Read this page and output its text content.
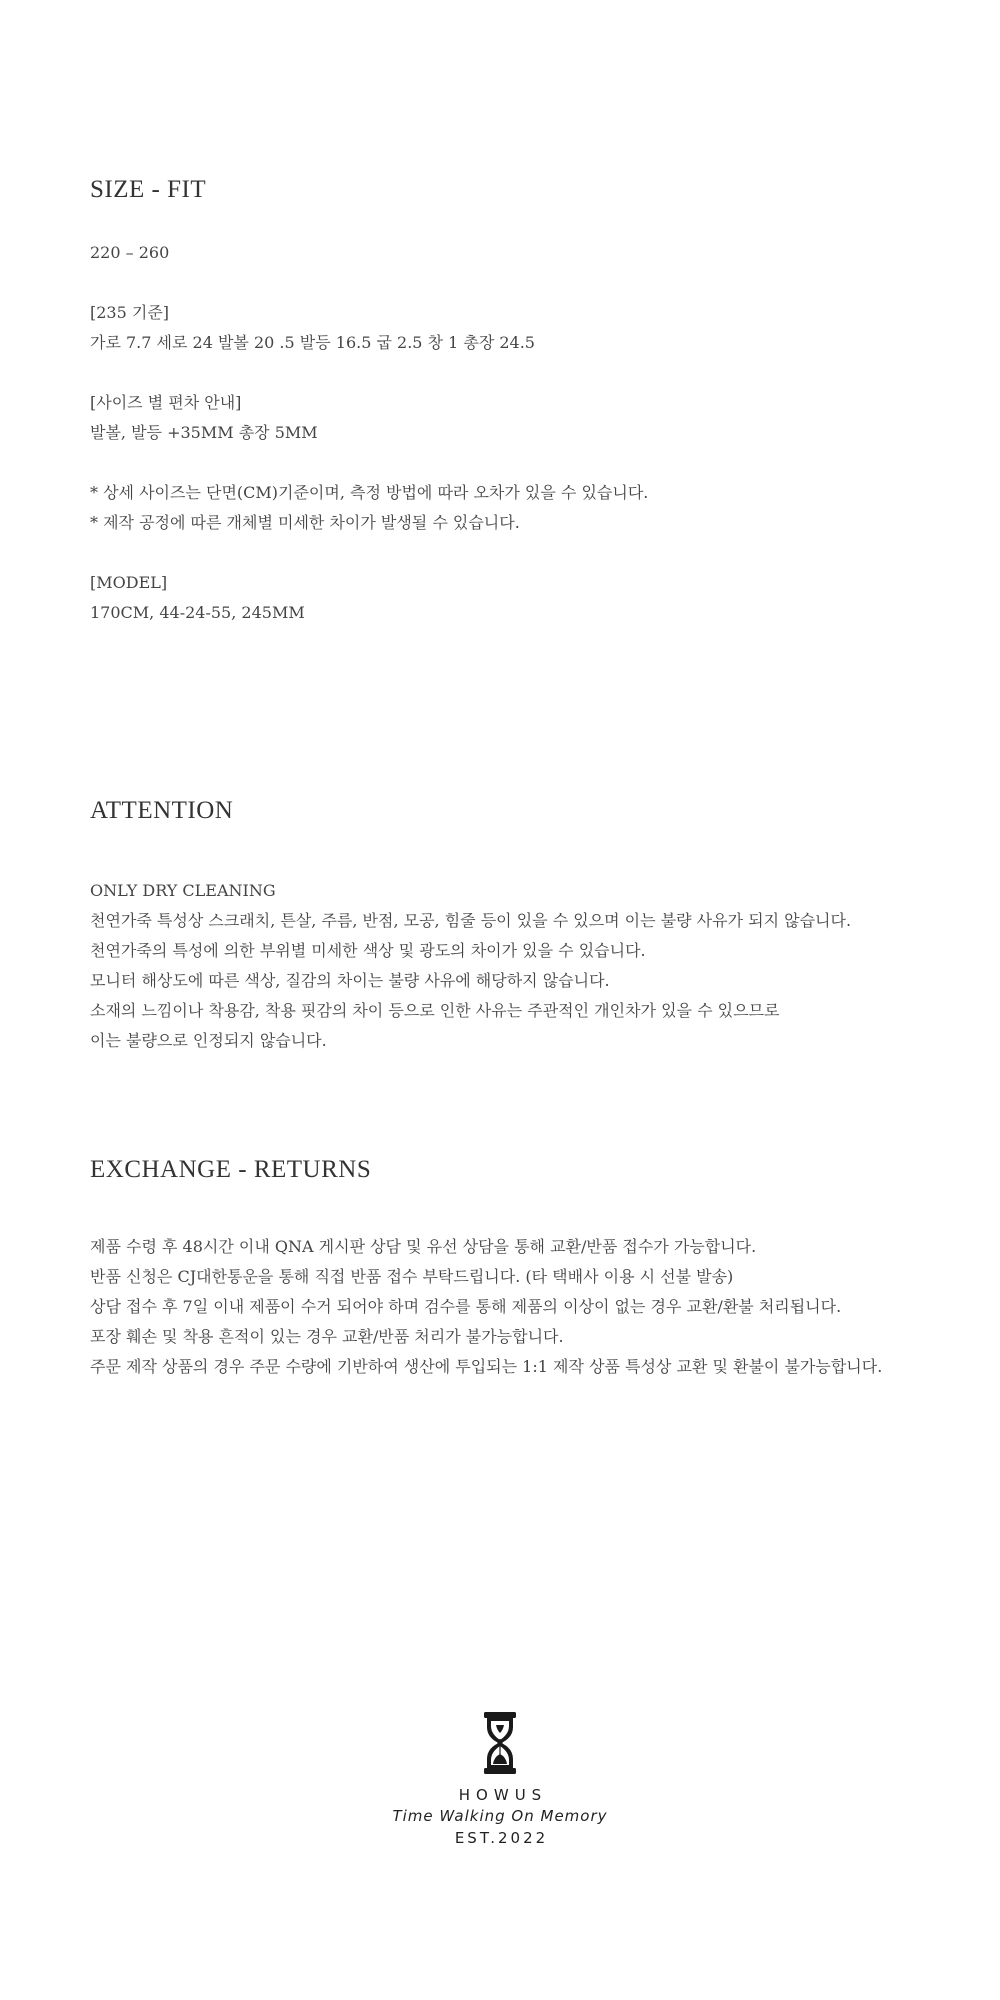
SIZE - FIT
220 – 260
[235 기준]
가로 7.7 세로 24 발볼 20 .5 발등 16.5 굽 2.5 창 1 총장 24.5
[사이즈 별 편차 안내]
발볼, 발등 +35MM 총장 5MM
* 상세 사이즈는 단면(CM)기준이며, 측정 방법에 따라 오차가 있을 수 있습니다.
* 제작 공정에 따른 개체별 미세한 차이가 발생될 수 있습니다.
[MODEL]
170CM, 44-24-55, 245MM
ATTENTION
ONLY DRY CLEANING
천연가죽 특성상 스크래치, 튼살, 주름, 반점, 모공, 힘줄 등이 있을 수 있으며 이는 불량 사유가 되지 않습니다.
천연가죽의 특성에 의한 부위별 미세한 색상 및 광도의 차이가 있을 수 있습니다.
모니터 해상도에 따른 색상, 질감의 차이는 불량 사유에 해당하지 않습니다.
소재의 느낌이나 착용감, 착용 핏감의 차이 등으로 인한 사유는 주관적인 개인차가 있을 수 있으므로
이는 불량으로 인정되지 않습니다.
EXCHANGE - RETURNS
제품 수령 후 48시간 이내 QNA 게시판 상담 및 유선 상담을 통해 교환/반품 접수가 가능합니다.
반품 신청은 CJ대한통운을 통해 직접 반품 접수 부탁드립니다. (타 택배사 이용 시 선불 발송)
상담 접수 후 7일 이내 제품이 수거 되어야 하며 검수를 통해 제품의 이상이 없는 경우 교환/환불 처리됩니다.
포장 훼손 및 착용 흔적이 있는 경우 교환/반품 처리가 불가능합니다.
주문 제작 상품의 경우 주문 수량에 기반하여 생산에 투입되는 1:1 제작 상품 특성상 교환 및 환불이 불가능합니다.
HOWUS
Time Walking On Memory
EST.2022
